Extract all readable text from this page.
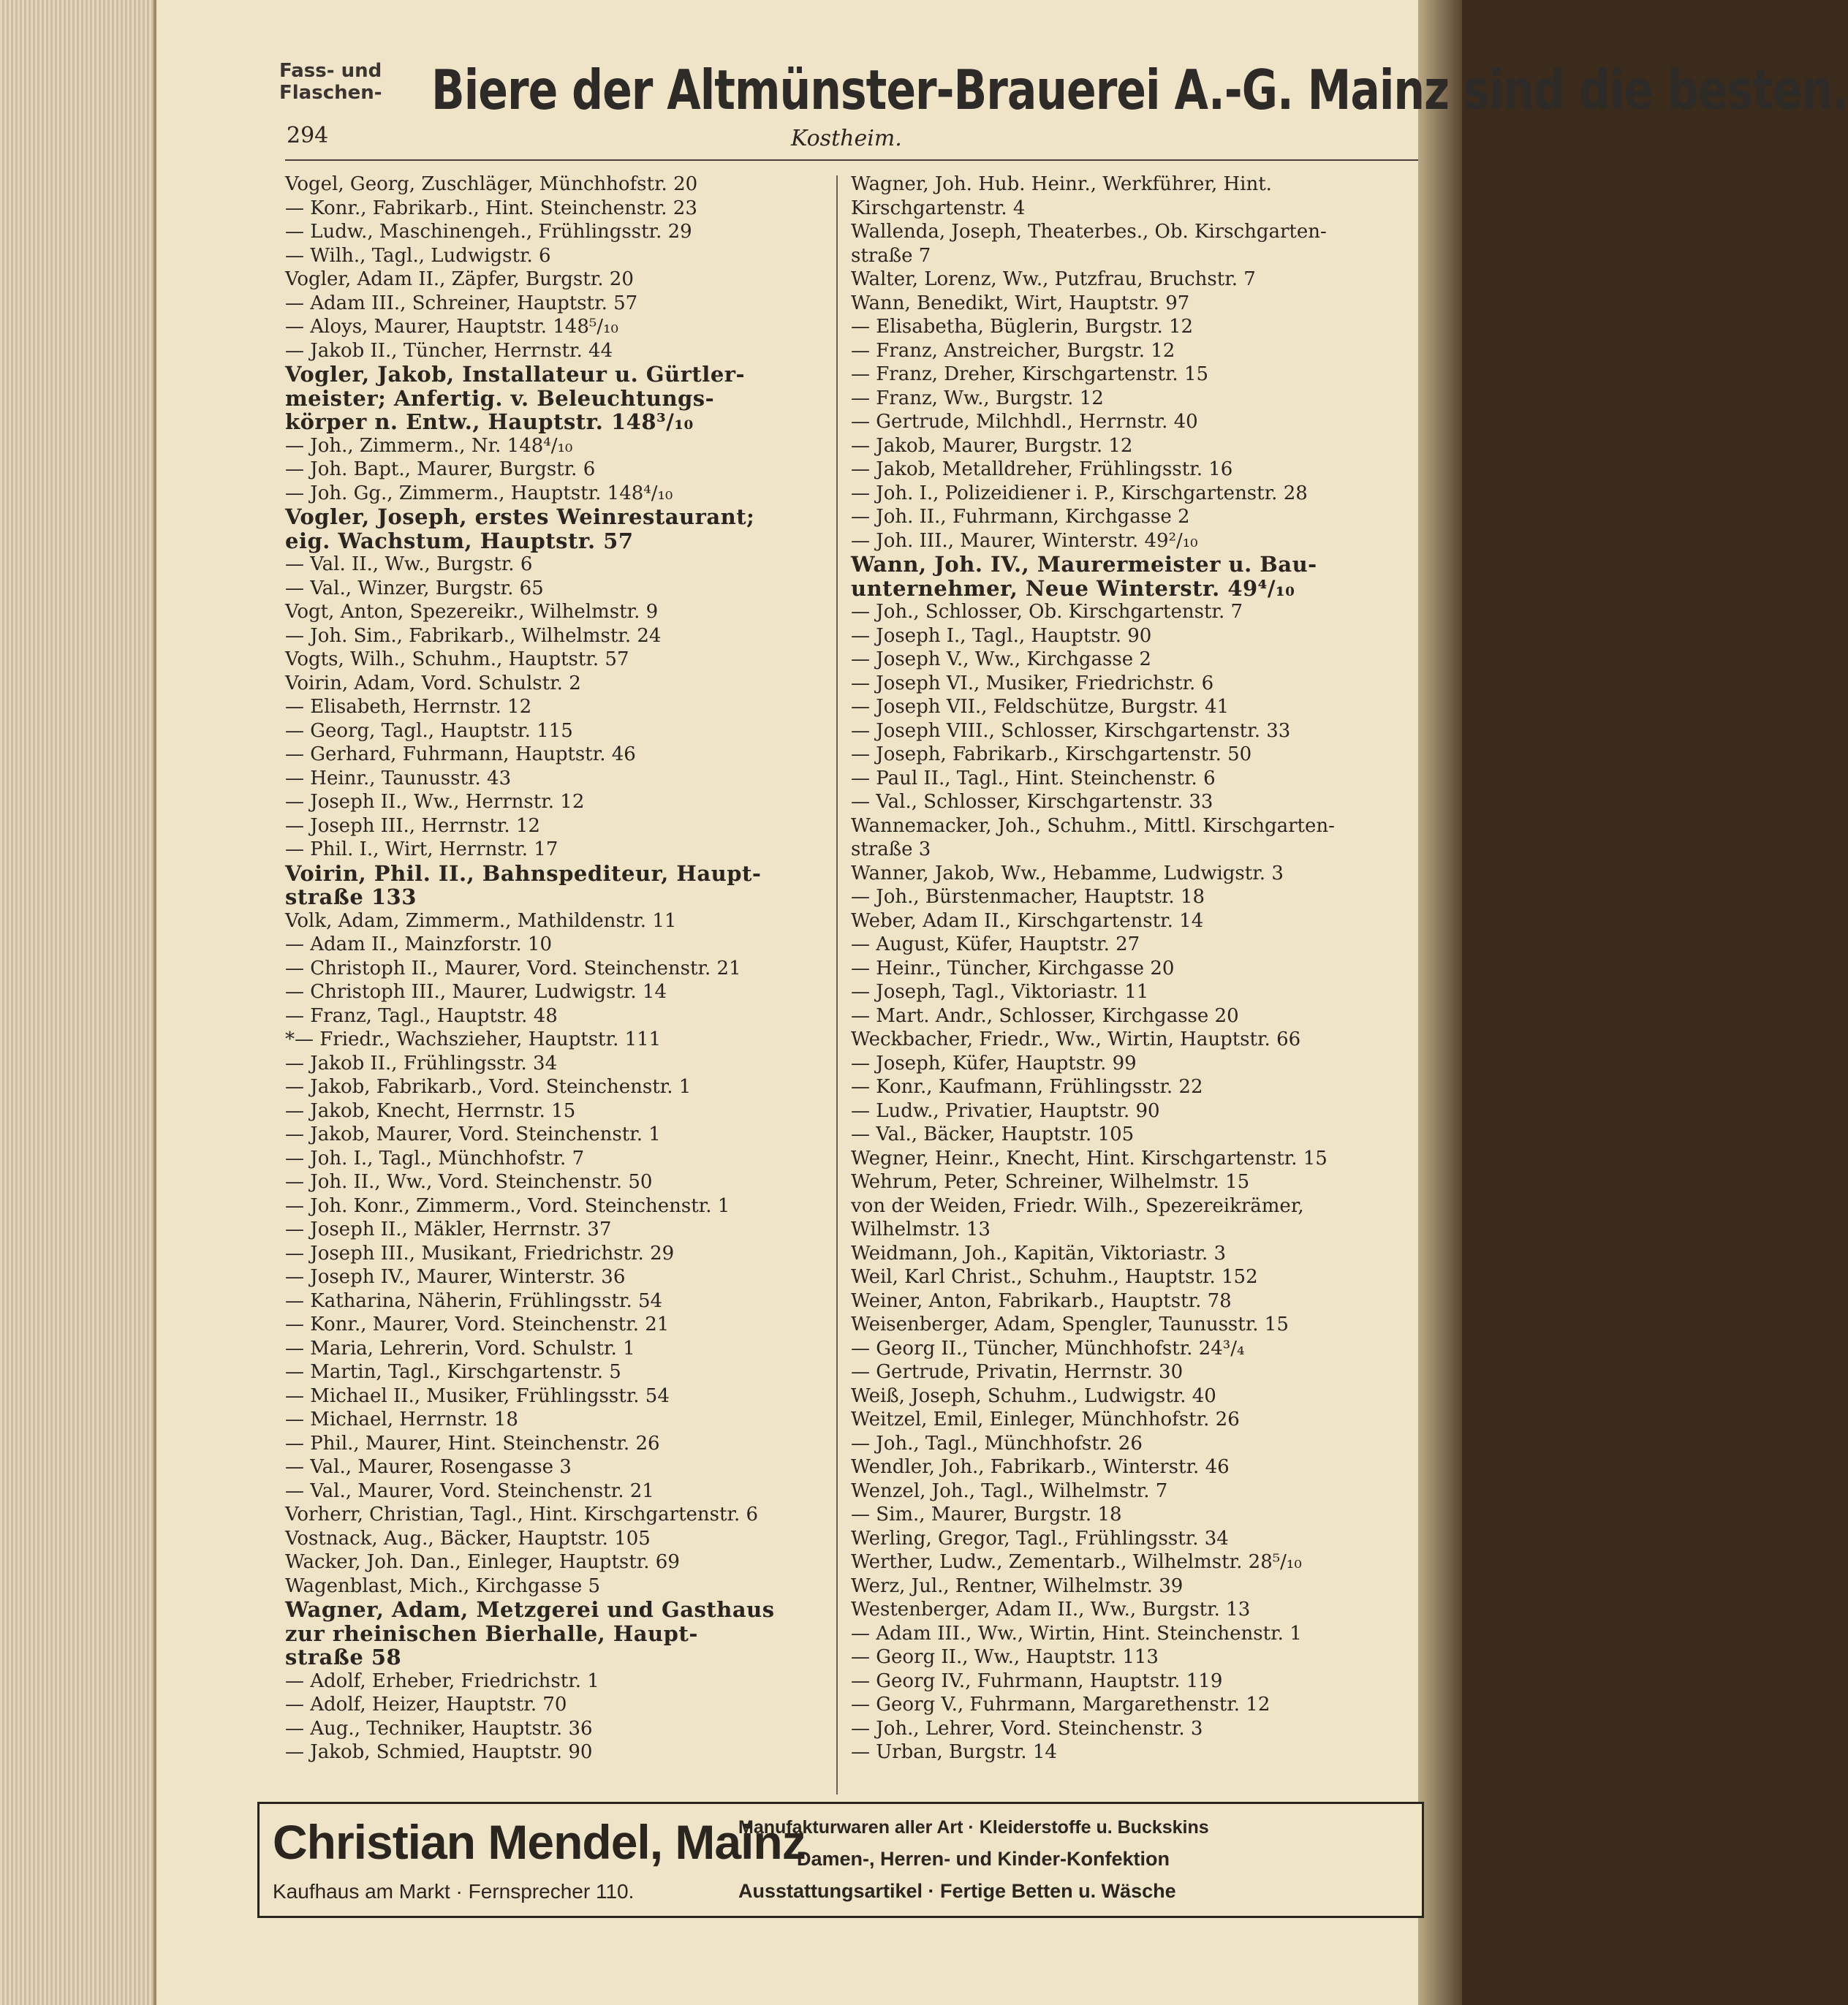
Fass- und
Flaschen- Biere der Altmünster-Brauerei A.-G. Mainz sind die besten.
294	Kostheim.
Vogel, Georg, Zuschläger, Münchhofstr. 20
— Konr., Fabrikarb., Hint. Steinchenstr. 23
— Ludw., Maschinengeh., Frühlingsstr. 29
— Wilh., Tagl., Ludwigstr. 6
Vogler, Adam II., Zäpfer, Burgstr. 20
— Adam III., Schreiner, Hauptstr. 57
— Aloys, Maurer, Hauptstr. 148⁵/₁₀
— Jakob II., Tüncher, Herrnstr. 44
Vogler, Jakob, Installateur u. Gürtler-
meister; Anfertig. v. Beleuchtungs-
körper n. Entw., Hauptstr. 148³/₁₀
— Joh., Zimmerm., Nr. 148⁴/₁₀
— Joh. Bapt., Maurer, Burgstr. 6
— Joh. Gg., Zimmerm., Hauptstr. 148⁴/₁₀
Vogler, Joseph, erstes Weinrestaurant;
eig. Wachstum, Hauptstr. 57
— Val. II., Ww., Burgstr. 6
— Val., Winzer, Burgstr. 65
Vogt, Anton, Spezereikr., Wilhelmstr. 9
— Joh. Sim., Fabrikarb., Wilhelmstr. 24
Vogts, Wilh., Schuhm., Hauptstr. 57
Voirin, Adam, Vord. Schulstr. 2
— Elisabeth, Herrnstr. 12
— Georg, Tagl., Hauptstr. 115
— Gerhard, Fuhrmann, Hauptstr. 46
— Heinr., Taunusstr. 43
— Joseph II., Ww., Herrnstr. 12
— Joseph III., Herrnstr. 12
— Phil. I., Wirt, Herrnstr. 17
Voirin, Phil. II., Bahnspediteur, Haupt-
straße 133
Volk, Adam, Zimmerm., Mathildenstr. 11
— Adam II., Mainzforstr. 10
— Christoph II., Maurer, Vord. Steinchenstr. 21
— Christoph III., Maurer, Ludwigstr. 14
— Franz, Tagl., Hauptstr. 48
*— Friedr., Wachszieher, Hauptstr. 111
— Jakob II., Frühlingsstr. 34
— Jakob, Fabrikarb., Vord. Steinchenstr. 1
— Jakob, Knecht, Herrnstr. 15
— Jakob, Maurer, Vord. Steinchenstr. 1
— Joh. I., Tagl., Münchhofstr. 7
— Joh. II., Ww., Vord. Steinchenstr. 50
— Joh. Konr., Zimmerm., Vord. Steinchenstr. 1
— Joseph II., Mäkler, Herrnstr. 37
— Joseph III., Musikant, Friedrichstr. 29
— Joseph IV., Maurer, Winterstr. 36
— Katharina, Näherin, Frühlingsstr. 54
— Konr., Maurer, Vord. Steinchenstr. 21
— Maria, Lehrerin, Vord. Schulstr. 1
— Martin, Tagl., Kirschgartenstr. 5
— Michael II., Musiker, Frühlingsstr. 54
— Michael, Herrnstr. 18
— Phil., Maurer, Hint. Steinchenstr. 26
— Val., Maurer, Rosengasse 3
— Val., Maurer, Vord. Steinchenstr. 21
Vorherr, Christian, Tagl., Hint. Kirschgartenstr. 6
Vostnack, Aug., Bäcker, Hauptstr. 105
Wacker, Joh. Dan., Einleger, Hauptstr. 69
Wagenblast, Mich., Kirchgasse 5
Wagner, Adam, Metzgerei und Gasthaus
zur rheinischen Bierhalle, Haupt-
straße 58
— Adolf, Erheber, Friedrichstr. 1
— Adolf, Heizer, Hauptstr. 70
— Aug., Techniker, Hauptstr. 36
— Jakob, Schmied, Hauptstr. 90
Wagner, Joh. Hub. Heinr., Werkführer, Hint.
Kirschgartenstr. 4
Wallenda, Joseph, Theaterbes., Ob. Kirschgarten-
straße 7
Walter, Lorenz, Ww., Putzfrau, Bruchstr. 7
Wann, Benedikt, Wirt, Hauptstr. 97
— Elisabetha, Büglerin, Burgstr. 12
— Franz, Anstreicher, Burgstr. 12
— Franz, Dreher, Kirschgartenstr. 15
— Franz, Ww., Burgstr. 12
— Gertrude, Milchhdl., Herrnstr. 40
— Jakob, Maurer, Burgstr. 12
— Jakob, Metalldreher, Frühlingsstr. 16
— Joh. I., Polizeidiener i. P., Kirschgartenstr. 28
— Joh. II., Fuhrmann, Kirchgasse 2
— Joh. III., Maurer, Winterstr. 49²/₁₀
Wann, Joh. IV., Maurermeister u. Bau-
unternehmer, Neue Winterstr. 49⁴/₁₀
— Joh., Schlosser, Ob. Kirschgartenstr. 7
— Joseph I., Tagl., Hauptstr. 90
— Joseph V., Ww., Kirchgasse 2
— Joseph VI., Musiker, Friedrichstr. 6
— Joseph VII., Feldschütze, Burgstr. 41
— Joseph VIII., Schlosser, Kirschgartenstr. 33
— Joseph, Fabrikarb., Kirschgartenstr. 50
— Paul II., Tagl., Hint. Steinchenstr. 6
— Val., Schlosser, Kirschgartenstr. 33
Wannemacker, Joh., Schuhm., Mittl. Kirschgarten-
straße 3
Wanner, Jakob, Ww., Hebamme, Ludwigstr. 3
— Joh., Bürstenmacher, Hauptstr. 18
Weber, Adam II., Kirschgartenstr. 14
— August, Küfer, Hauptstr. 27
— Heinr., Tüncher, Kirchgasse 20
— Joseph, Tagl., Viktoriastr. 11
— Mart. Andr., Schlosser, Kirchgasse 20
Weckbacher, Friedr., Ww., Wirtin, Hauptstr. 66
— Joseph, Küfer, Hauptstr. 99
— Konr., Kaufmann, Frühlingsstr. 22
— Ludw., Privatier, Hauptstr. 90
— Val., Bäcker, Hauptstr. 105
Wegner, Heinr., Knecht, Hint. Kirschgartenstr. 15
Wehrum, Peter, Schreiner, Wilhelmstr. 15
von der Weiden, Friedr. Wilh., Spezereikrämer,
Wilhelmstr. 13
Weidmann, Joh., Kapitän, Viktoriastr. 3
Weil, Karl Christ., Schuhm., Hauptstr. 152
Weiner, Anton, Fabrikarb., Hauptstr. 78
Weisenberger, Adam, Spengler, Taunusstr. 15
— Georg II., Tüncher, Münchhofstr. 24³/₄
— Gertrude, Privatin, Herrnstr. 30
Weiß, Joseph, Schuhm., Ludwigstr. 40
Weitzel, Emil, Einleger, Münchhofstr. 26
— Joh., Tagl., Münchhofstr. 26
Wendler, Joh., Fabrikarb., Winterstr. 46
Wenzel, Joh., Tagl., Wilhelmstr. 7
— Sim., Maurer, Burgstr. 18
Werling, Gregor, Tagl., Frühlingsstr. 34
Werther, Ludw., Zementarb., Wilhelmstr. 28⁵/₁₀
Werz, Jul., Rentner, Wilhelmstr. 39
Westenberger, Adam II., Ww., Burgstr. 13
— Adam III., Ww., Wirtin, Hint. Steinchenstr. 1
— Georg II., Ww., Hauptstr. 113
— Georg IV., Fuhrmann, Hauptstr. 119
— Georg V., Fuhrmann, Margarethenstr. 12
— Joh., Lehrer, Vord. Steinchenstr. 3
— Urban, Burgstr. 14
Christian Mendel, Mainz
Kaufhaus am Markt · Fernsprecher 110.
Manufakturwaren aller Art · Kleiderstoffe u. Buckskins
Damen-, Herren- und Kinder-Konfektion
Ausstattungsartikel · Fertige Betten u. Wäsche
